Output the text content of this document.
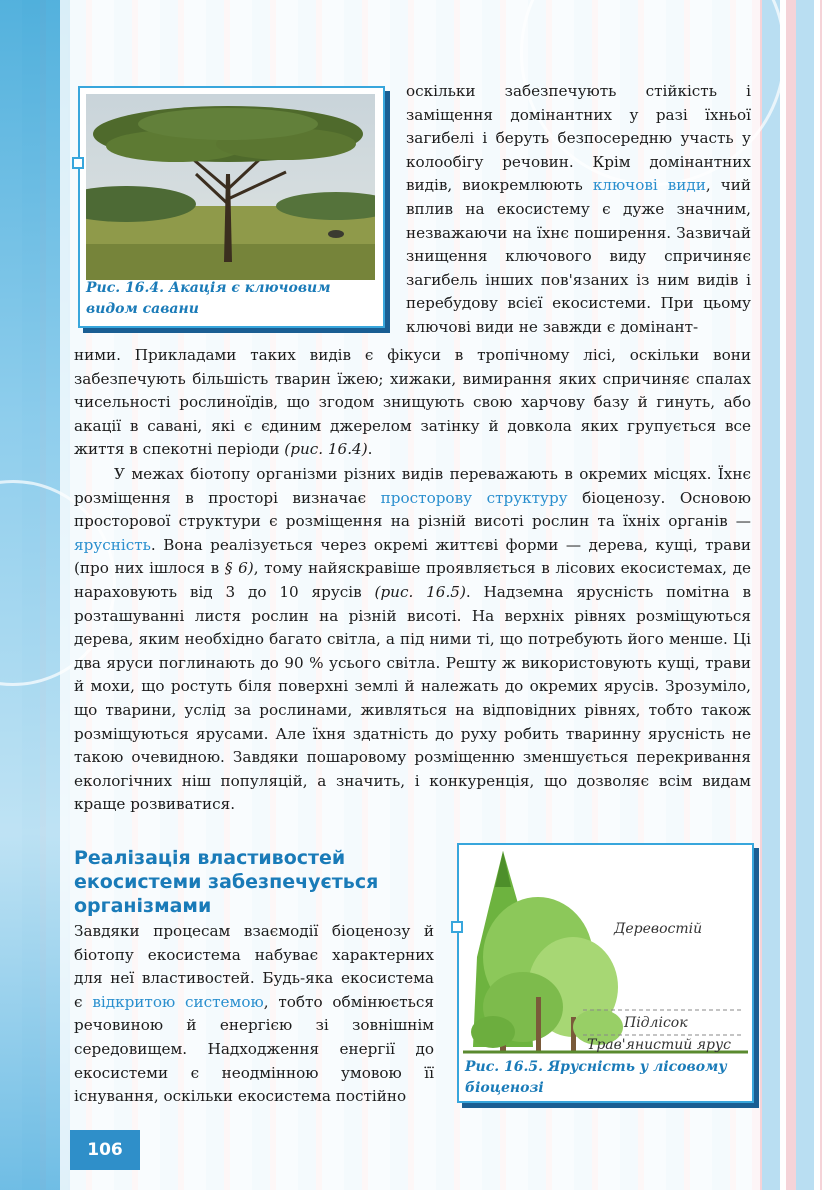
Рис. 16.4. Акація є ключовим видом савани
оскільки забезпечують стійкість і заміщення домінантних у разі їхньої загибелі і беруть безпосередню участь у колообігу речовин. Крім домінантних видів, виокремлюють ключові види, чий вплив на екосистему є дуже значним, незважаючи на їхнє поширення. Зазвичай знищення ключового виду спричиняє загибель інших пов'язаних із ним видів і перебудову всієї екосистеми. При цьому ключові види не завжди є домінант-
ними. Прикладами таких видів є фікуси в тропічному лісі, оскільки вони забезпечують більшість тварин їжею; хижаки, вимирання яких спричиняє спалах чисельності рослиноїдів, що згодом знищують свою харчову базу й гинуть, або акації в савані, які є єдиним джерелом затінку й довкола яких групується все життя в спекотні періоди (рис. 16.4).
У межах біотопу організми різних видів переважають в окремих місцях. Їхнє розміщення в просторі визначає просторову структуру біоценозу. Основою просторової структури є розміщення на різній висоті рослин та їхніх органів — ярусність. Вона реалізується через окремі життєві форми — дерева, кущі, трави (про них ішлося в § 6), тому найяскравіше проявляється в лісових екосистемах, де нараховують від 3 до 10 ярусів (рис. 16.5). Надземна ярусність помітна в розташуванні листя рослин на різній висоті. На верхніх рівнях розміщуються дерева, яким необхідно багато світла, а під ними ті, що потребують його менше. Ці два яруси поглинають до 90 % усього світла. Решту ж використовують кущі, трави й мохи, що ростуть біля поверхні землі й належать до окремих ярусів. Зрозуміло, що тварини, услід за рослинами, живляться на відповідних рівнях, тобто також розміщуються ярусами. Але їхня здатність до руху робить тваринну ярусність не такою очевидною. Завдяки пошаровому розміщенню зменшується перекривання екологічних ніш популяцій, а значить, і конкуренція, що дозволяє всім видам краще розвиватися.
Реалізація властивостей екосистеми забезпечується організмами
Завдяки процесам взаємодії біоценозу й біотопу екосистема набуває характерних для неї властивостей. Будь-яка екосистема є відкритою системою, тобто обмінюється речовиною й енергією зі зовнішнім середовищем. Надходження енергії до екосистеми є неодмінною умовою її існування, оскільки екосистема постійно
Деревостій
Підлісок
Трав'янистий ярус
Рис. 16.5. Ярусність у лісовому біоценозі
106
